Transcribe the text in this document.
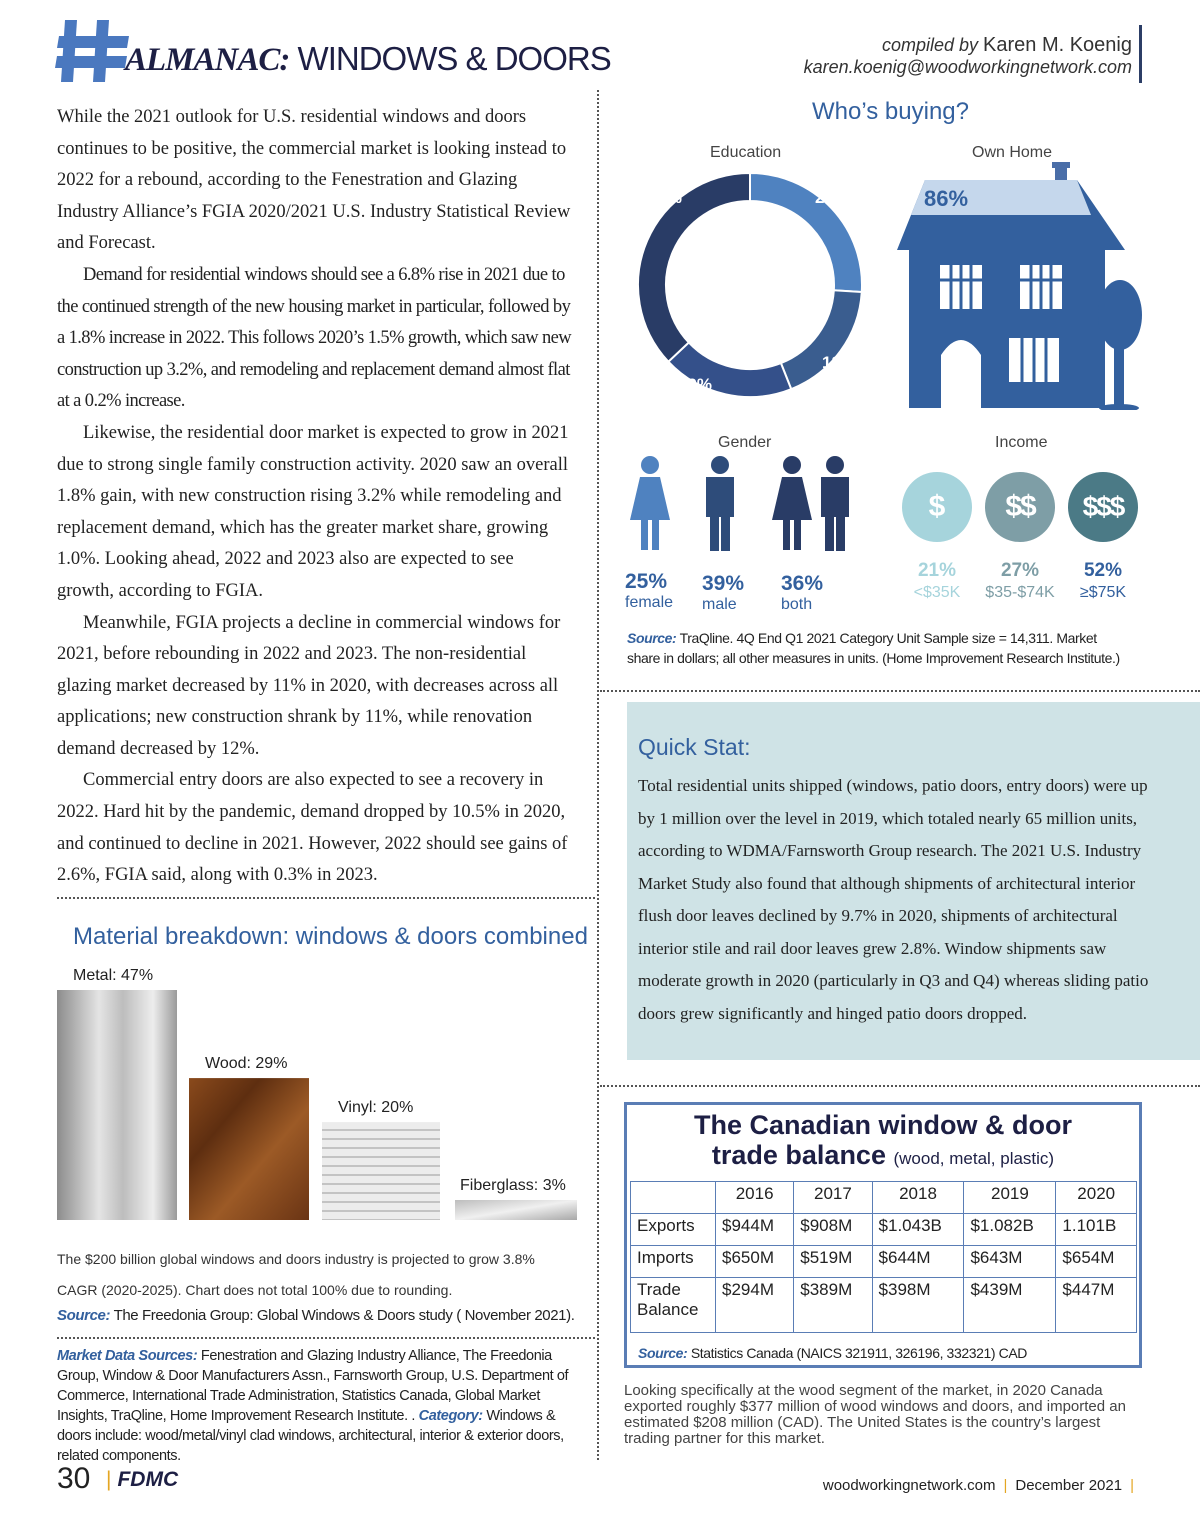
ALMANAC: WINDOWS & DOORS	compiled by Karen M. Koenig
karen.koenig@woodworkingnetwork.com

While the 2021 outlook for U.S. residential windows and doors continues to be positive, the commercial market is looking instead to 2022 for a rebound, according to the Fenestration and Glazing Industry Alliance’s FGIA 2020/2021 U.S. Industry Statistical Review and Forecast.

Demand for residential windows should see a 6.8% rise in 2021 due to the continued strength of the new housing market in particular, followed by a 1.8% increase in 2022. This follows 2020’s 1.5% growth, which saw new construction up 3.2%, and remodeling and replacement demand almost flat at a 0.2% increase.

Likewise, the residential door market is expected to grow in 2021 due to strong single family construction activity. 2020 saw an overall 1.8% gain, with new construction rising 3.2% while remodeling and replacement demand, which has the greater market share, growing 1.0%. Looking ahead, 2022 and 2023 also are expected to see growth, according to FGIA.

Meanwhile, FGIA projects a decline in commercial windows for 2021, before rebounding in 2022 and 2023. The non-residential glazing market decreased by 11% in 2020, with decreases across all applications; new construction shrank by 11%, while renovation demand decreased by 12%.

Commercial entry doors are also expected to see a recovery in 2022. Hard hit by the pandemic, demand dropped by 10.5% in 2020, and continued to decline in 2021. However, 2022 should see gains of 2.6%, FGIA said, along with 0.3% in 2023.

Who’s buying?
Education	Own Home
37%	26%
18%
19%
Post college
HS or less
Some college
Assoc. or BA
86%
Gender	Income
25%
female
39%
male
36%
both
$	$$	$$$
21%
<$35K
27%
$35-$74K
52%
≥$75K
Source: TraQline. 4Q End Q1 2021 Category Unit Sample size = 14,311. Market share in dollars; all other measures in units. (Home Improvement Research Institute.)
Quick Stat:
Total residential units shipped (windows, patio doors, entry doors) were up by 1 million over the level in 2019, which totaled nearly 65 million units, according to WDMA/Farnsworth Group research. The 2021 U.S. Industry Market Study also found that although shipments of architectural interior flush door leaves declined by 9.7% in 2020, shipments of architectural interior stile and rail door leaves grew 2.8%. Window shipments saw moderate growth in 2020 (particularly in Q3 and Q4) whereas sliding patio doors grew significantly and hinged patio doors dropped.
Material breakdown: windows & doors combined
Metal: 47%
Wood: 29%
Vinyl: 20%
Fiberglass: 3%
The $200 billion global windows and doors industry is projected to grow 3.8% CAGR (2020-2025). Chart does not total 100% due to rounding.
Source: The Freedonia Group: Global Windows & Doors study ( November 2021).
Market Data Sources: Fenestration and Glazing Industry Alliance, The Freedonia Group, Window & Door Manufacturers Assn., Farnsworth Group, U.S. Department of Commerce, International Trade Administration, Statistics Canada, Global Market Insights, TraQline, Home Improvement Research Institute. . Category: Windows & doors include: wood/metal/vinyl clad windows, architectural, interior & exterior doors, related components.
The Canadian window & door
trade balance (wood, metal, plastic)
	2016	2017	2018	2019	2020
Exports	$944M	$908M	$1.043B	$1.082B	1.101B
Imports	$650M	$519M	$644M	$643M	$654M
Trade Balance	$294M	$389M	$398M	$439M	$447M
Source: Statistics Canada (NAICS 321911, 326196, 332321) CAD
Looking specifically at the wood segment of the market, in 2020 Canada exported roughly $377 million of wood windows and doors, and imported an estimated $208 million (CAD). The United States is the country’s largest trading partner for this market.
30 | FDMC	woodworkingnetwork.com | December 2021 |
